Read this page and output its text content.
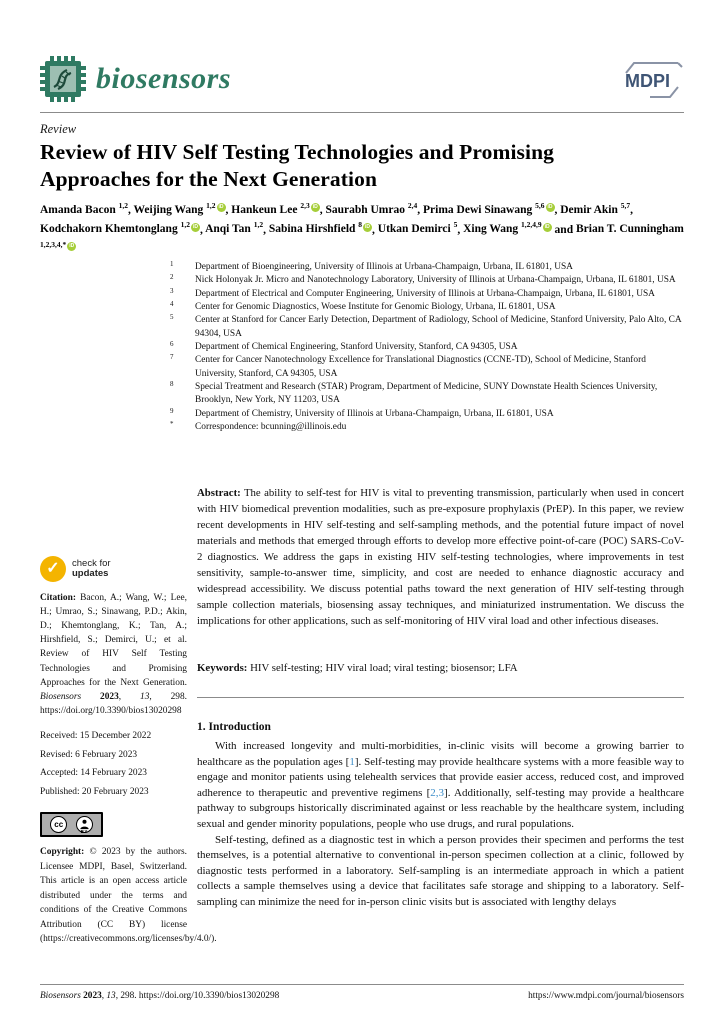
biosensors	MDPI
Review
Review of HIV Self Testing Technologies and Promising Approaches for the Next Generation
Amanda Bacon $^{1,2}$, Weijing Wang $^{1,2}$ iD , Hankeun Lee $^{2,3}$ iD , Saurabh Umrao $^{2,4}$, Prima Dewi Sinawang $^{5,6}$ iD , Demir Akin $^{5,7}$, Kodchakorn Khemtonglang $^{1,2}$ iD , Anqi Tan $^{1,2}$, Sabina Hirshfield $^8$ iD , Utkan Demirci $^5$, Xing Wang $^{1,2,4,9}$ iD and Brian T. Cunningham $^{1,2,3,4,*}$ iD
1	Department of Bioengineering, University of Illinois at Urbana-Champaign, Urbana, IL 61801, USA
2	Nick Holonyak Jr. Micro and Nanotechnology Laboratory, University of Illinois at Urbana-Champaign, Urbana, IL 61801, USA
3	Department of Electrical and Computer Engineering, University of Illinois at Urbana-Champaign, Urbana, IL 61801, USA
4	Center for Genomic Diagnostics, Woese Institute for Genomic Biology, Urbana, IL 61801, USA
5	Center at Stanford for Cancer Early Detection, Department of Radiology, School of Medicine, Stanford University, Palo Alto, CA 94304, USA
6	Department of Chemical Engineering, Stanford University, Stanford, CA 94305, USA
7	Center for Cancer Nanotechnology Excellence for Translational Diagnostics (CCNE-TD), School of Medicine, Stanford University, Stanford, CA 94305, USA
8	Special Treatment and Research (STAR) Program, Department of Medicine, SUNY Downstate Health Sciences University, Brooklyn, New York, NY 11203, USA
9	Department of Chemistry, University of Illinois at Urbana-Champaign, Urbana, IL 61801, USA
*	Correspondence: bcunning@illinois.edu
Abstract: The ability to self-test for HIV is vital to preventing transmission, particularly when used in concert with HIV biomedical prevention modalities, such as pre-exposure prophylaxis (PrEP). In this paper, we review recent developments in HIV self-testing and self-sampling methods, and the potential future impact of novel materials and methods that emerged through efforts to develop more effective point-of-care (POC) SARS-CoV-2 diagnostics. We address the gaps in existing HIV self-testing technologies, where improvements in test sensitivity, sample-to-answer time, simplicity, and cost are needed to enhance diagnostic accuracy and widespread accessibility. We discuss potential paths toward the next generation of HIV self-testing through sample collection materials, biosensing assay techniques, and miniaturized instrumentation. We discuss the implications for other applications, such as self-monitoring of HIV viral load and other infectious diseases.
Keywords: HIV self-testing; HIV viral load; viral testing; biosensor; LFA
1. Introduction

With increased longevity and multi-morbidities, in-clinic visits will become a growing barrier to healthcare as the population ages [1]. Self-testing may provide healthcare systems with a more feasible way to engage and monitor patients using telehealth services that provide easier access, reduced cost, and improved adherence to therapeutic and preventive regimens [2,3]. Additionally, self-testing may provide a healthcare pathway to subgroups historically discriminated against or less reachable by the healthcare system, including sexual and gender minority populations, people who use drugs, and rural populations.

Self-testing, defined as a diagnostic test in which a person provides their specimen and performs the test themselves, is a potential alternative to conventional in-person specimen collection at a clinic, followed by diagnostic tests performed in a laboratory. Self-sampling is an intermediate approach in which a patient collects a sample themselves using a device that facilitates safe storage and shipping to a laboratory. Self-sampling can minimize the need for in-person clinic visits but is associated with lengthy delays

✓	check for
updates
Citation: Bacon, A.; Wang, W.; Lee, H.; Umrao, S.; Sinawang, P.D.; Akin, D.; Khemtonglang, K.; Tan, A.; Hirshfield, S.; Demirci, U.; et al. Review of HIV Self Testing Technologies and Promising Approaches for the Next Generation. Biosensors 2023, 13, 298. https://doi.org/10.3390/bios13020298
Received: 15 December 2022
Revised: 6 February 2023
Accepted: 14 February 2023
Published: 20 February 2023
cc
BY
Copyright: © 2023 by the authors. Licensee MDPI, Basel, Switzerland. This article is an open access article distributed under the terms and conditions of the Creative Commons Attribution (CC BY) license (https://creativecommons.org/licenses/by/4.0/).
Biosensors 2023, 13, 298. https://doi.org/10.3390/bios13020298	https://www.mdpi.com/journal/biosensors
